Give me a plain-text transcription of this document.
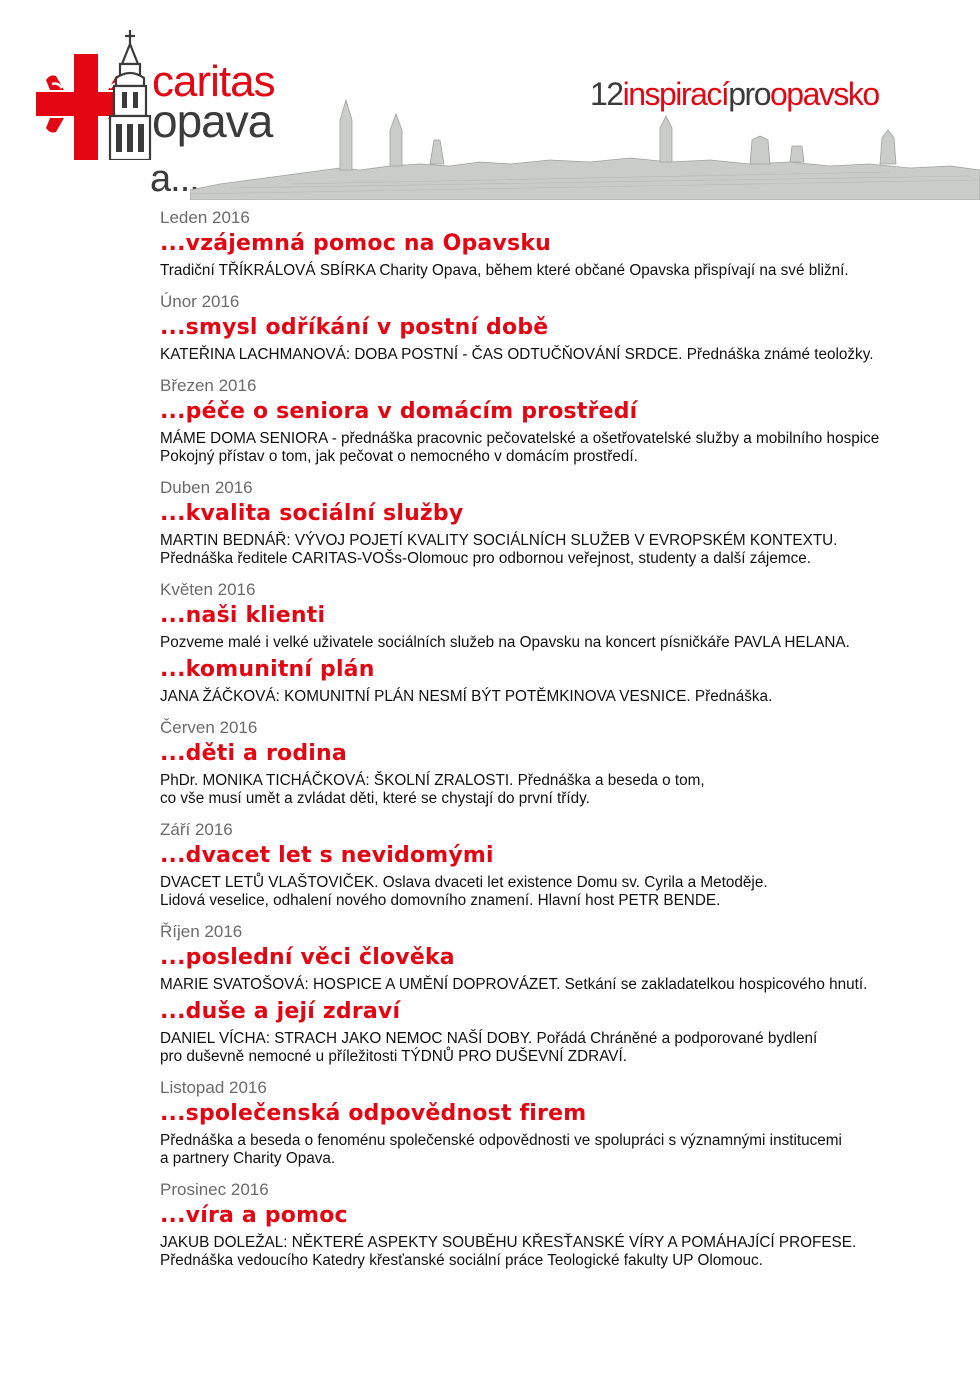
caritas
opava
a...
12inspiracíproopavsko

Leden 2016

...vzájemná pomoc na Opavsku

Tradiční TŘÍKRÁLOVÁ SBÍRKA Charity Opava, během které občané Opavska přispívají na své bližní.

Únor 2016

...smysl odříkání v postní době

KATEŘINA LACHMANOVÁ: DOBA POSTNÍ - ČAS ODTUČŇOVÁNÍ SRDCE. Přednáška známé teoložky.

Březen 2016

...péče o seniora v domácím prostředí

MÁME DOMA SENIORA - přednáška pracovnic pečovatelské a ošetřovatelské služby a mobilního hospice

Pokojný přístav o tom, jak pečovat o nemocného v domácím prostředí.

Duben 2016

...kvalita sociální služby

MARTIN BEDNÁŘ: VÝVOJ POJETÍ KVALITY SOCIÁLNÍCH SLUŽEB V EVROPSKÉM KONTEXTU.

Přednáška ředitele CARITAS-VOŠs-Olomouc pro odbornou veřejnost, studenty a další zájemce.

Květen 2016

...naši klienti

Pozveme malé i velké uživatele sociálních služeb na Opavsku na koncert písničkáře PAVLA HELANA.

...komunitní plán

JANA ŽÁČKOVÁ: KOMUNITNÍ PLÁN NESMÍ BÝT POTĚMKINOVA VESNICE. Přednáška.

Červen 2016

...děti a rodina

PhDr. MONIKA TICHÁČKOVÁ: ŠKOLNÍ ZRALOSTI. Přednáška a beseda o tom,

co vše musí umět a zvládat děti, které se chystají do první třídy.

Září 2016

...dvacet let s nevidomými

DVACET LETŮ VLAŠTOVIČEK. Oslava dvaceti let existence Domu sv. Cyrila a Metoděje.

Lidová veselice, odhalení nového domovního znamení. Hlavní host PETR BENDE.

Říjen 2016

...poslední věci člověka

MARIE SVATOŠOVÁ: HOSPICE A UMĚNÍ DOPROVÁZET. Setkání se zakladatelkou hospicového hnutí.

...duše a její zdraví

DANIEL VÍCHA: STRACH JAKO NEMOC NAŠÍ DOBY. Pořádá Chráněné a podporované bydlení

pro duševně nemocné u příležitosti TÝDNŮ PRO DUŠEVNÍ ZDRAVÍ.

Listopad 2016

...společenská odpovědnost firem

Přednáška a beseda o fenoménu společenské odpovědnosti ve spolupráci s významnými institucemi

a partnery Charity Opava.

Prosinec 2016

...víra a pomoc

JAKUB DOLEŽAL: NĚKTERÉ ASPEKTY SOUBĚHU KŘESŤANSKÉ VÍRY A POMÁHAJÍCÍ PROFESE.

Přednáška vedoucího Katedry křesťanské sociální práce Teologické fakulty UP Olomouc.
